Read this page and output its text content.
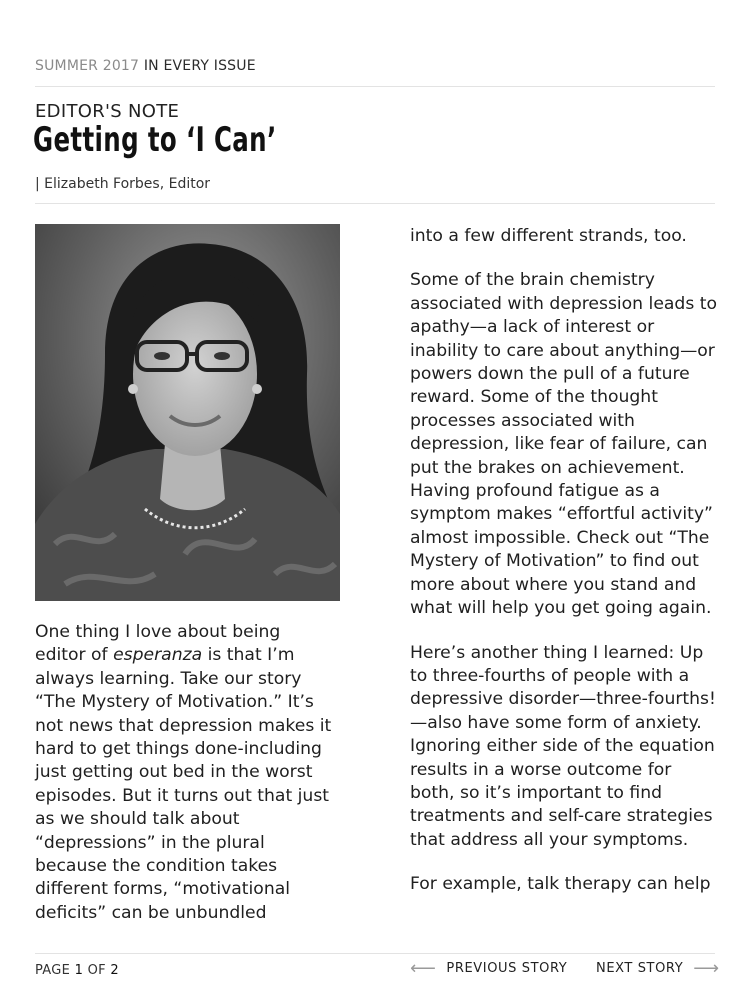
SUMMER 2017 IN EVERY ISSUE
EDITOR'S NOTE
Getting to ‘I Can’
| Elizabeth Forbes, Editor

One thing I love about being editor of esperanza is that I’m always learning. Take our story “The Mystery of Motivation.” It’s not news that depression makes it hard to get things done-including just getting out bed in the worst episodes. But it turns out that just as we should talk about “depressions” in the plural because the condition takes different forms, “motivational deficits” can be unbundled

into a few different strands, too.

Some of the brain chemistry associated with depression leads to apathy—a lack of interest or inability to care about anything—or powers down the pull of a future reward. Some of the thought processes associated with depression, like fear of failure, can put the brakes on achievement. Having profound fatigue as a symptom makes “effortful activity” almost impossible. Check out “The Mystery of Motivation” to find out more about where you stand and what will help you get going again.

Here’s another thing I learned: Up to three-fourths of people with a depressive disorder—three-fourths!—also have some form of anxiety. Ignoring either side of the equation results in a worse outcome for both, so it’s important to find treatments and self-care strategies that address all your symptoms.

For example, talk therapy can help

PAGE 1 OF 2	⟵ PREVIOUS STORY NEXT STORY ⟶
